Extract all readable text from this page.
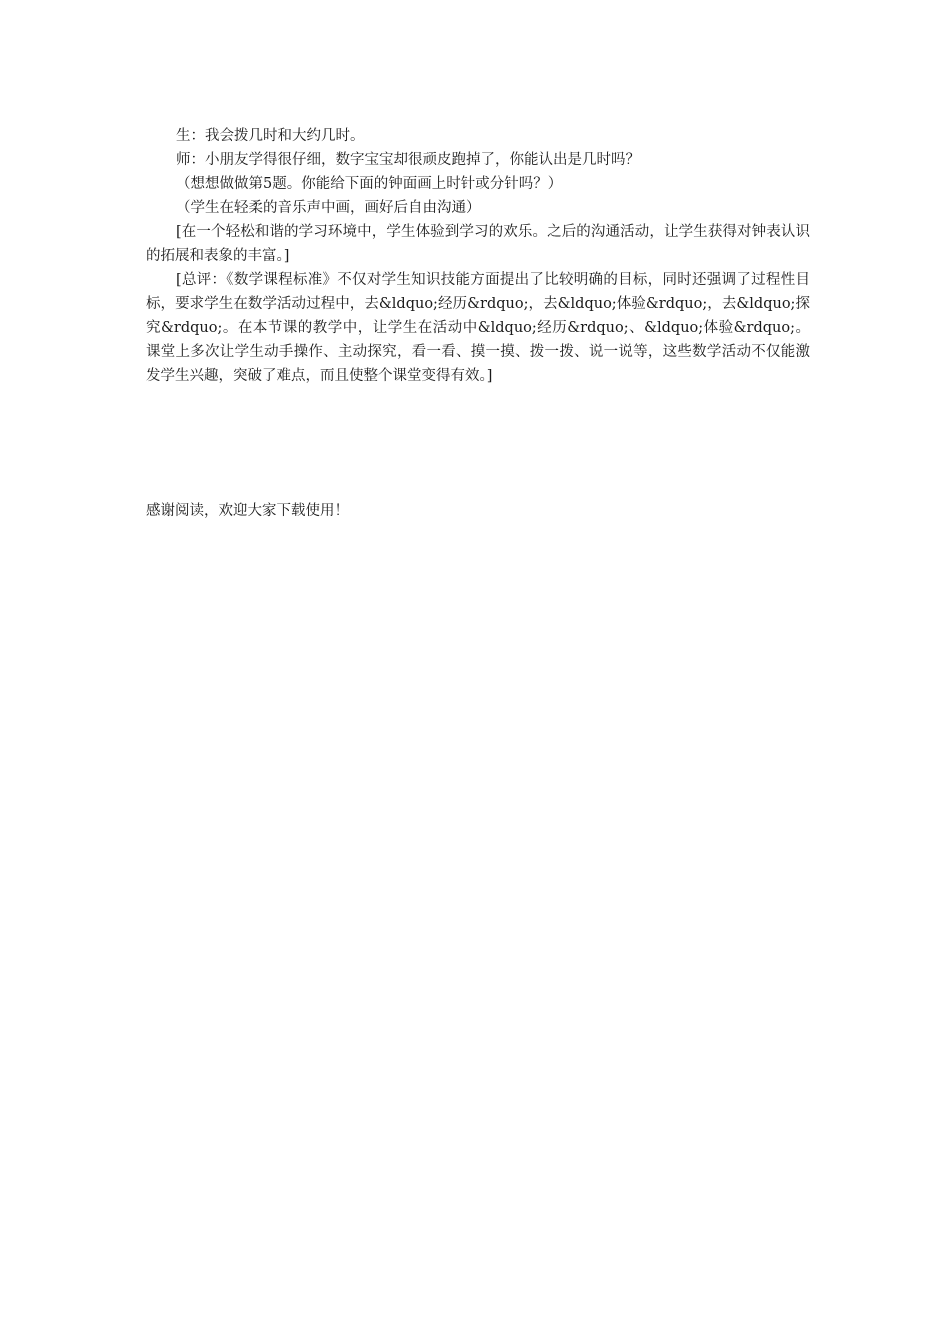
生：我会拨几时和大约几时。

师：小朋友学得很仔细，数字宝宝却很顽皮跑掉了，你能认出是几时吗？

（想想做做第5题。你能给下面的钟面画上时针或分针吗？）

（学生在轻柔的音乐声中画，画好后自由沟通）

[在一个轻松和谐的学习环境中，学生体验到学习的欢乐。之后的沟通活动，让学生获得对钟表认识的拓展和表象的丰富。]

[总评：《数学课程标准》不仅对学生知识技能方面提出了比较明确的目标，同时还强调了过程性目标，要求学生在数学活动过程中，去&ldquo;经历&rdquo;，去&ldquo;体验&rdquo;，去&ldquo;探究&rdquo;。在本节课的教学中，让学生在活动中&ldquo;经历&rdquo;、&ldquo;体验&rdquo;。课堂上多次让学生动手操作、主动探究，看一看、摸一摸、拨一拨、说一说等，这些数学活动不仅能激发学生兴趣，突破了难点，而且使整个课堂变得有效。]

感谢阅读，欢迎大家下载使用！
